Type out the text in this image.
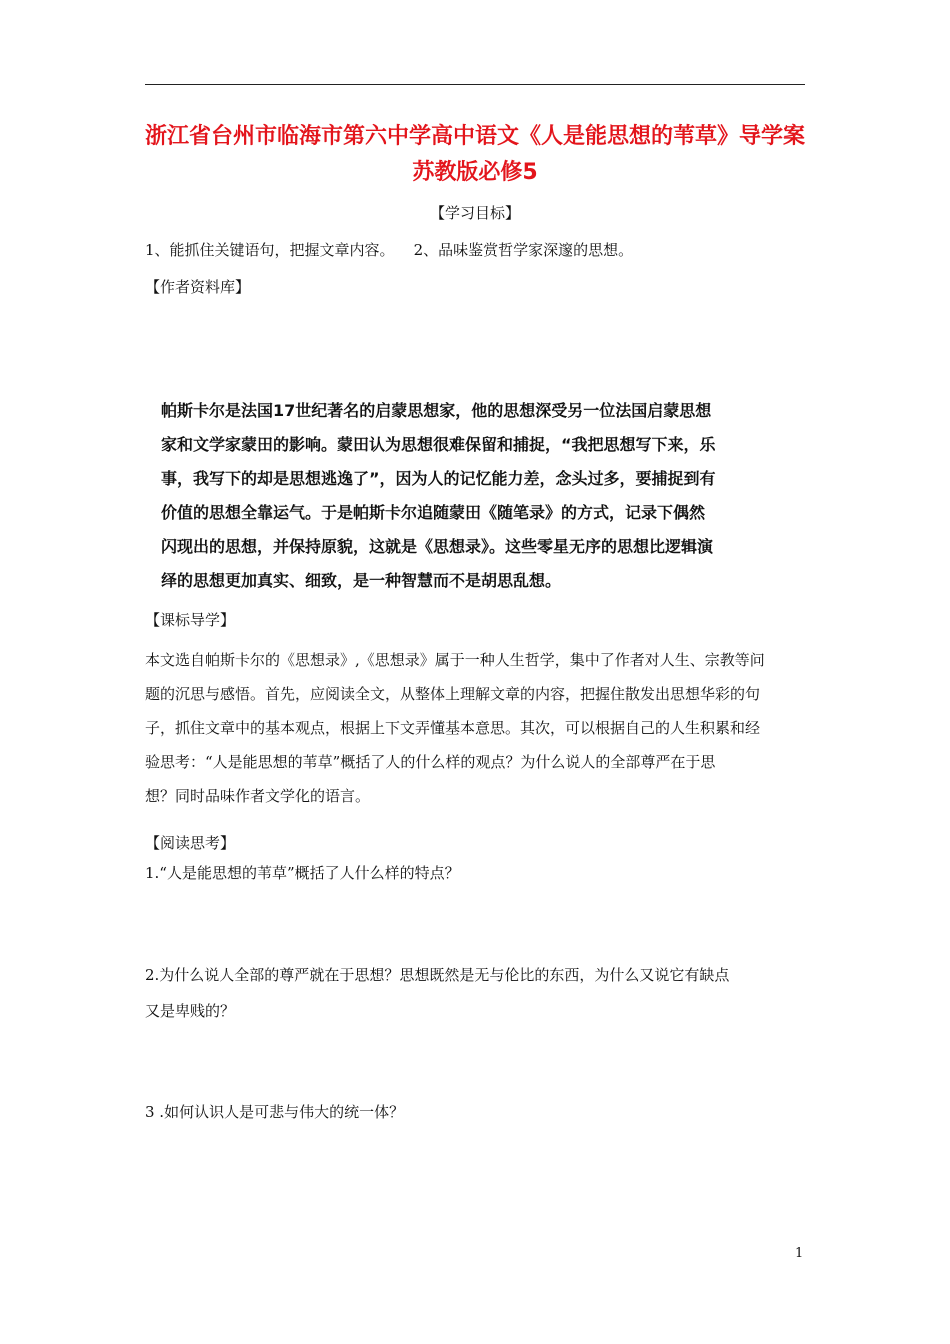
浙江省台州市临海市第六中学高中语文《人是能思想的苇草》导学案
苏教版必修5
【学习目标】
1、能抓住关键语句，把握文章内容。    2、品味鉴赏哲学家深邃的思想。
【作者资料库】
帕斯卡尔是法国17世纪著名的启蒙思想家，他的思想深受另一位法国启蒙思想
家和文学家蒙田的影响。蒙田认为思想很难保留和捕捉，“我把思想写下来，乐
事，我写下的却是思想逃逸了”，因为人的记忆能力差，念头过多，要捕捉到有
价值的思想全靠运气。于是帕斯卡尔追随蒙田《随笔录》的方式，记录下偶然
闪现出的思想，并保持原貌，这就是《思想录》。这些零星无序的思想比逻辑演
绎的思想更加真实、细致，是一种智慧而不是胡思乱想。
【课标导学】
本文选自帕斯卡尔的《思想录》,《思想录》属于一种人生哲学，集中了作者对人生、宗教等问
题的沉思与感悟。首先，应阅读全文，从整体上理解文章的内容，把握住散发出思想华彩的句
子，抓住文章中的基本观点，根据上下文弄懂基本意思。其次，可以根据自己的人生积累和经
验思考：“人是能思想的苇草”概括了人的什么样的观点？为什么说人的全部尊严在于思
想？同时品味作者文学化的语言。
【阅读思考】
1.“人是能思想的苇草”概括了人什么样的特点？
2.为什么说人全部的尊严就在于思想？思想既然是无与伦比的东西，为什么又说它有缺点
又是卑贱的？
3 .如何认识人是可悲与伟大的统一体？
1
